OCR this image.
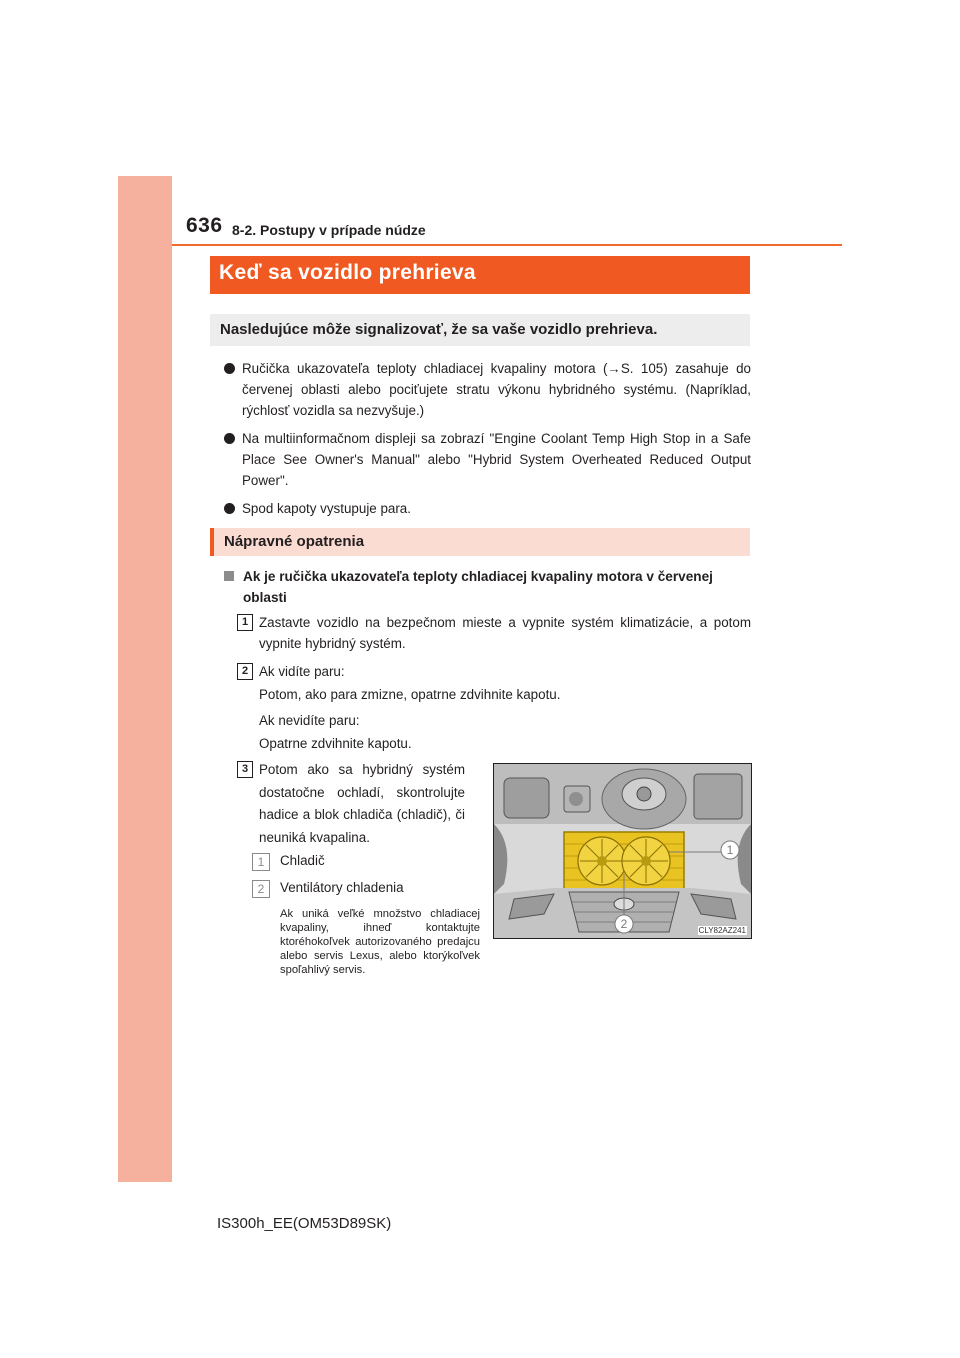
636 8-2. Postupy v prípade núdze
Keď sa vozidlo prehrieva
Nasledujúce môže signalizovať, že sa vaše vozidlo prehrieva.
Ručička ukazovateľa teploty chladiacej kvapaliny motora (→S. 105) zasahuje do červenej oblasti alebo pociťujete stratu výkonu hybridného systému. (Napríklad, rýchlosť vozidla sa nezvyšuje.)
Na multiinformačnom displeji sa zobrazí "Engine Coolant Temp High Stop in a Safe Place See Owner's Manual" alebo "Hybrid System Overheated Reduced Output Power".
Spod kapoty vystupuje para.
Nápravné opatrenia
Ak je ručička ukazovateľa teploty chladiacej kvapaliny motora v červenej oblasti
1 Zastavte vozidlo na bezpečnom mieste a vypnite systém klimatizácie, a potom vypnite hybridný systém.
2 Ak vidíte paru:
Potom, ako para zmizne, opatrne zdvihnite kapotu.
Ak nevidíte paru:
Opatrne zdvihnite kapotu.
3 Potom ako sa hybridný systém dostatočne ochladí, skontrolujte hadice a blok chladiča (chladič), či neuniká kvapalina.
1	Chladič
2	Ventilátory chladenia
Ak uniká veľké množstvo chladiacej kvapaliny, ihneď kontaktujte ktoréhokoľvek autorizovaného predajcu alebo servis Lexus, alebo ktorýkoľvek spoľahlivý servis.
1
2	CLY82AZ241
IS300h_EE(OM53D89SK)
